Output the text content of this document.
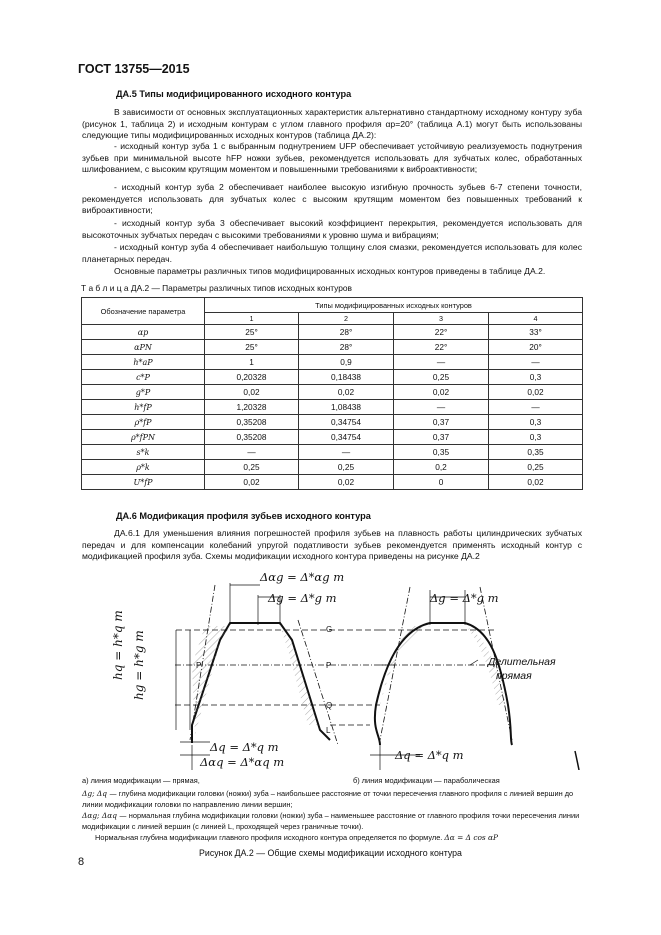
ГОСТ 13755—2015
ДА.5 Типы модифицированного исходного контура
В зависимости от основных эксплуатационных характеристик альтернативно стандартному исходному контуру зуба (рисунок 1, таблица 2) и исходным контурам с углом главного профиля αp=20° (таблица А.1) могут быть использованы следующие типы модифицированных исходных контуров (таблица ДА.2):
- исходный контур зуба 1 с выбранным поднутрением UFP обеспечивает устойчивую реализуемость поднутрения зубьев при минимальной высоте hFP ножки зубьев, рекомендуется использовать для зубчатых колес, обработанных шлифованием, с высоким крутящим моментом и повышенными требованиями к виброактивности;
- исходный контур зуба 2 обеспечивает наиболее высокую изгибную прочность зубьев 6-7 степени точности, рекомендуется использовать для зубчатых колес с высоким крутящим моментом без повышенных требований к виброактивности;
- исходный контур зуба 3 обеспечивает высокий коэффициент перекрытия, рекомендуется использовать для высокоточных зубчатых передач с высокими требованиями к уровню шума и вибрациям;
- исходный контур зуба 4 обеспечивает наибольшую толщину слоя смазки, рекомендуется использовать для колес планетарных передач.
Основные параметры различных типов модифицированных исходных контуров приведены в таблице ДА.2.
Т а б л и ц а ДА.2 — Параметры различных типов исходных контуров
Обозначение параметра	Типы модифицированных исходных контуров			
	1	2	3	4
αp	25°	28°	22°	33°
αPN	25°	28°	22°	20°
h*aP	1	0,9	—	—
c*P	0,20328	0,18438	0,25	0,3
g*P	0,02	0,02	0,02	0,02
h*fP	1,20328	1,08438	—	—
ρ*fP	0,35208	0,34754	0,37	0,3
ρ*fPN	0,35208	0,34754	0,37	0,3
s*k	—	—	0,35	0,35
ρ*k	0,25	0,25	0,2	0,25
U*fP	0,02	0,02	0	0,02
ДА.6 Модификация профиля зубьев исходного контура
ДА.6.1 Для уменьшения влияния погрешностей профиля зубьев на плавность работы цилиндрических зубчатых передач и для компенсации колебаний упругой податливости зубьев рекомендуется применять исходный контур с модификацией профиля зуба. Схемы модификации исходного контура приведены на рисунке ДА.2
Δαg = Δ*αg m
Δg = Δ*g m	Δg = Δ*g m
hq = h*q m hg = h*g m
Δq = Δ*q m
Δαq = Δ*αq m	Δq = Δ*q m
G
P	P
Q
L
Делительная
прямая
а) линия модификации — прямая,	б) линия модификации — параболическая
Δg; Δq — глубина модификации головки (ножки) зуба – наибольшее расстояние от точки пересечения главного профиля с линией вершин до линии модификации головки по направлению линии вершин;
Δαg; Δαq — нормальная глубина модификации головки (ножки) зуба – наименьшее расстояние от главного профиля точки пересечения линии модификации с линией вершин (с линией L, проходящей через граничные точки).
Нормальная глубина модификации главного профиля исходного контура определяется по формуле. Δα = Δ cos αP
Рисунок ДА.2 — Общие схемы модификации исходного контура
8
